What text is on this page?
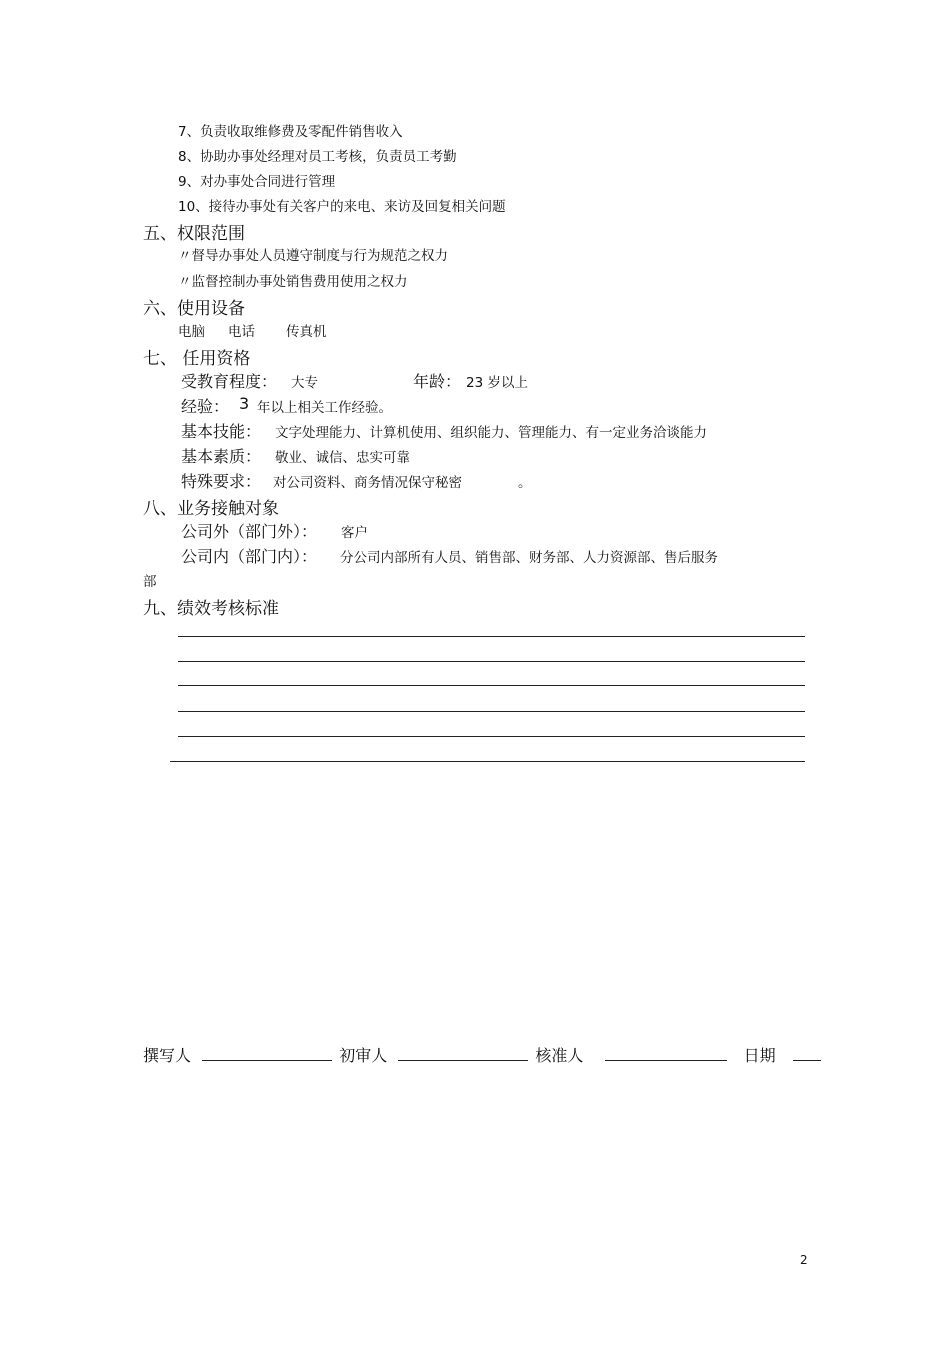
7、负责收取维修费及零配件销售收入
8、协助办事处经理对员工考核，负责员工考勤
9、对办事处合同进行管理
10、接待办事处有关客户的来电、来访及回复相关问题
五、权限范围
〃督导办事处人员遵守制度与行为规范之权力
〃监督控制办事处销售费用使用之权力
六、使用设备
电脑 电话 传真机
七、 任用资格
受教育程度： 大专	年龄： 23 岁以上
经验： 3 年以上相关工作经验。
基本技能： 文字处理能力、计算机使用、组织能力、管理能力、有一定业务洽谈能力
基本素质： 敬业、诚信、忠实可靠
特殊要求： 对公司资料、商务情况保守秘密	。
八、业务接触对象
公司外（部门外）： 客户
公司内（部门内）： 分公司内部所有人员、销售部、财务部、人力资源部、售后服务
部
九、绩效考核标准
撰写人	初审人	核准人	日期
2
